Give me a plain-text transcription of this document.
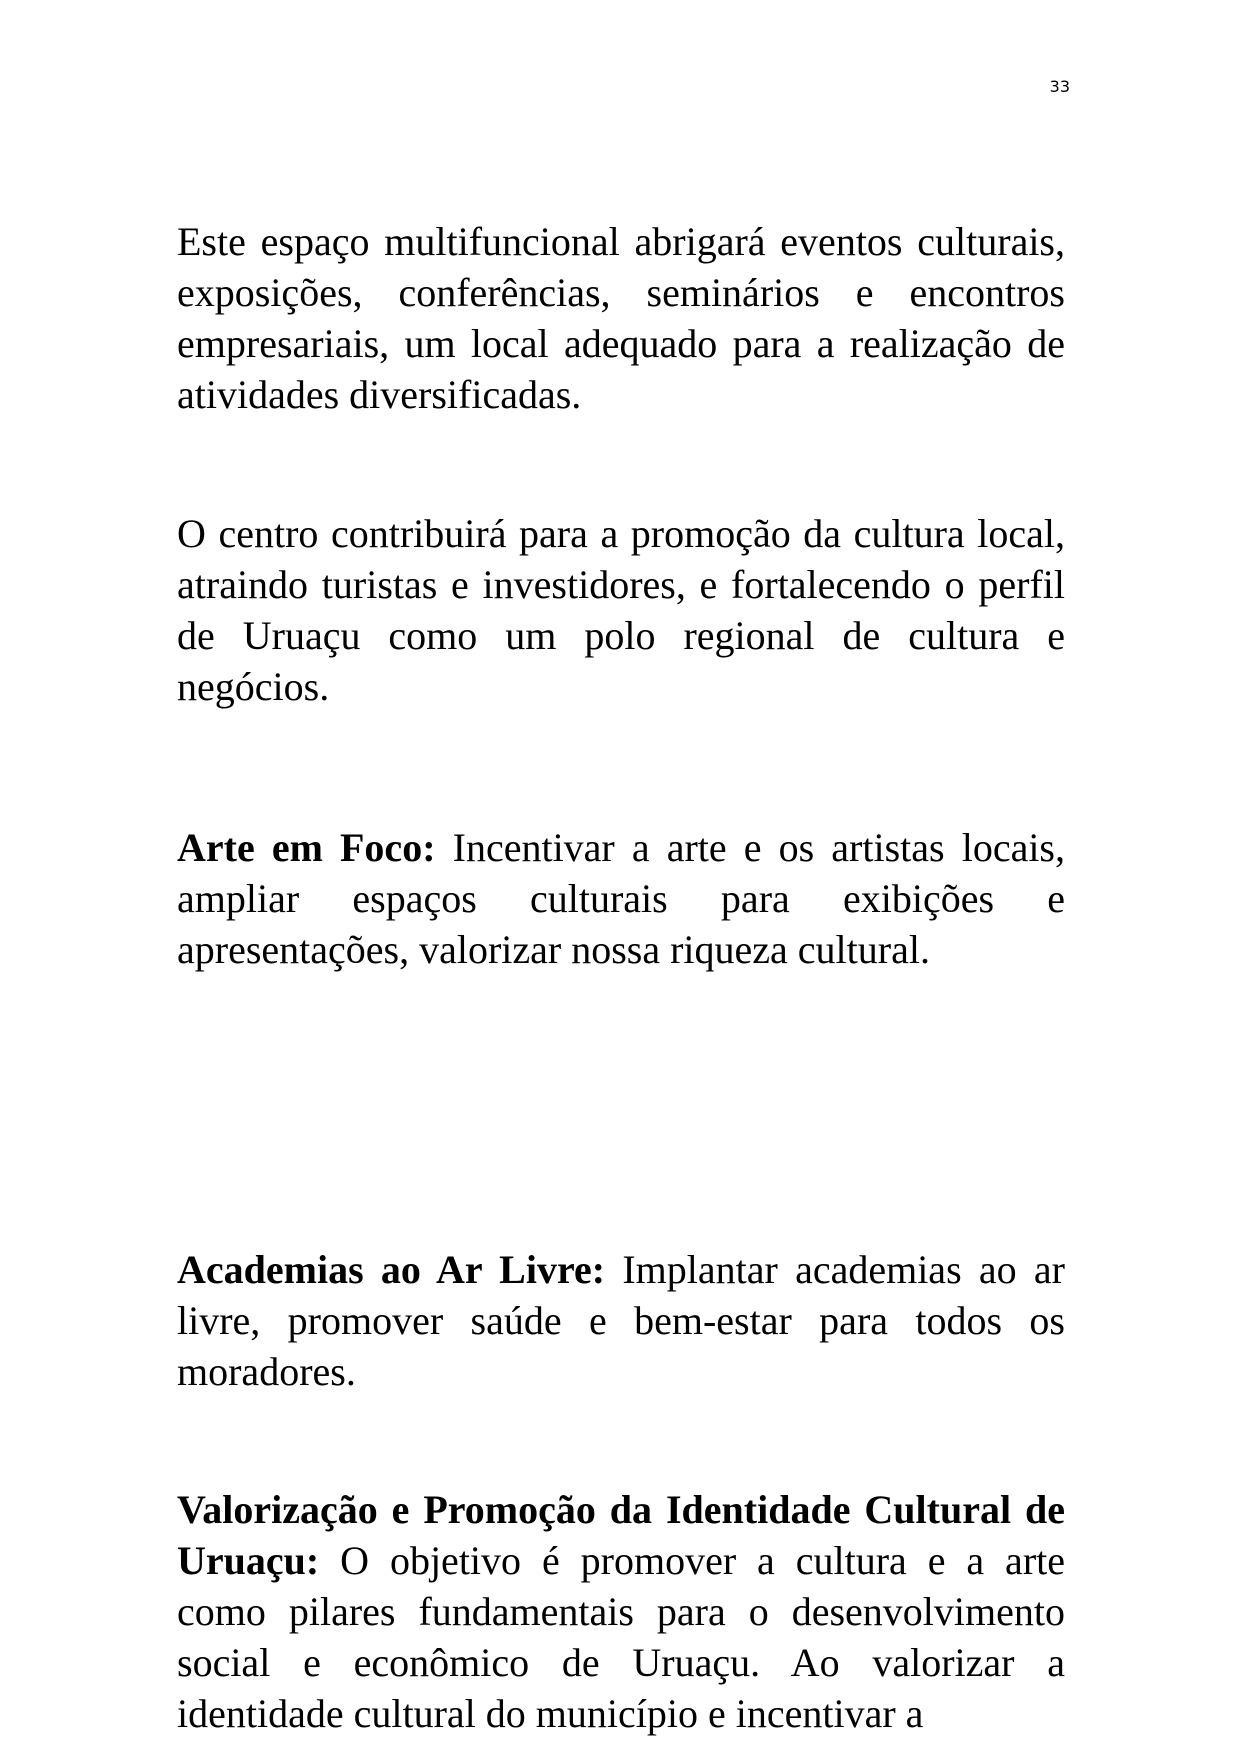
33

Este espaço multifuncional abrigará eventos culturais, exposições, conferências, seminários e encontros empresariais, um local adequado para a realização de atividades diversificadas.

O centro contribuirá para a promoção da cultura local, atraindo turistas e investidores, e fortalecendo o perfil de Uruaçu como um polo regional de cultura e negócios.

Arte em Foco: Incentivar a arte e os artistas locais, ampliar espaços culturais para exibições e apresentações, valorizar nossa riqueza cultural.

Academias ao Ar Livre: Implantar academias ao ar livre, promover saúde e bem-estar para todos os moradores.

Valorização e Promoção da Identidade Cultural de Uruaçu: O objetivo é promover a cultura e a arte como pilares fundamentais para o desenvolvimento social e econômico de Uruaçu. Ao valorizar a identidade cultural do município e incentivar a
